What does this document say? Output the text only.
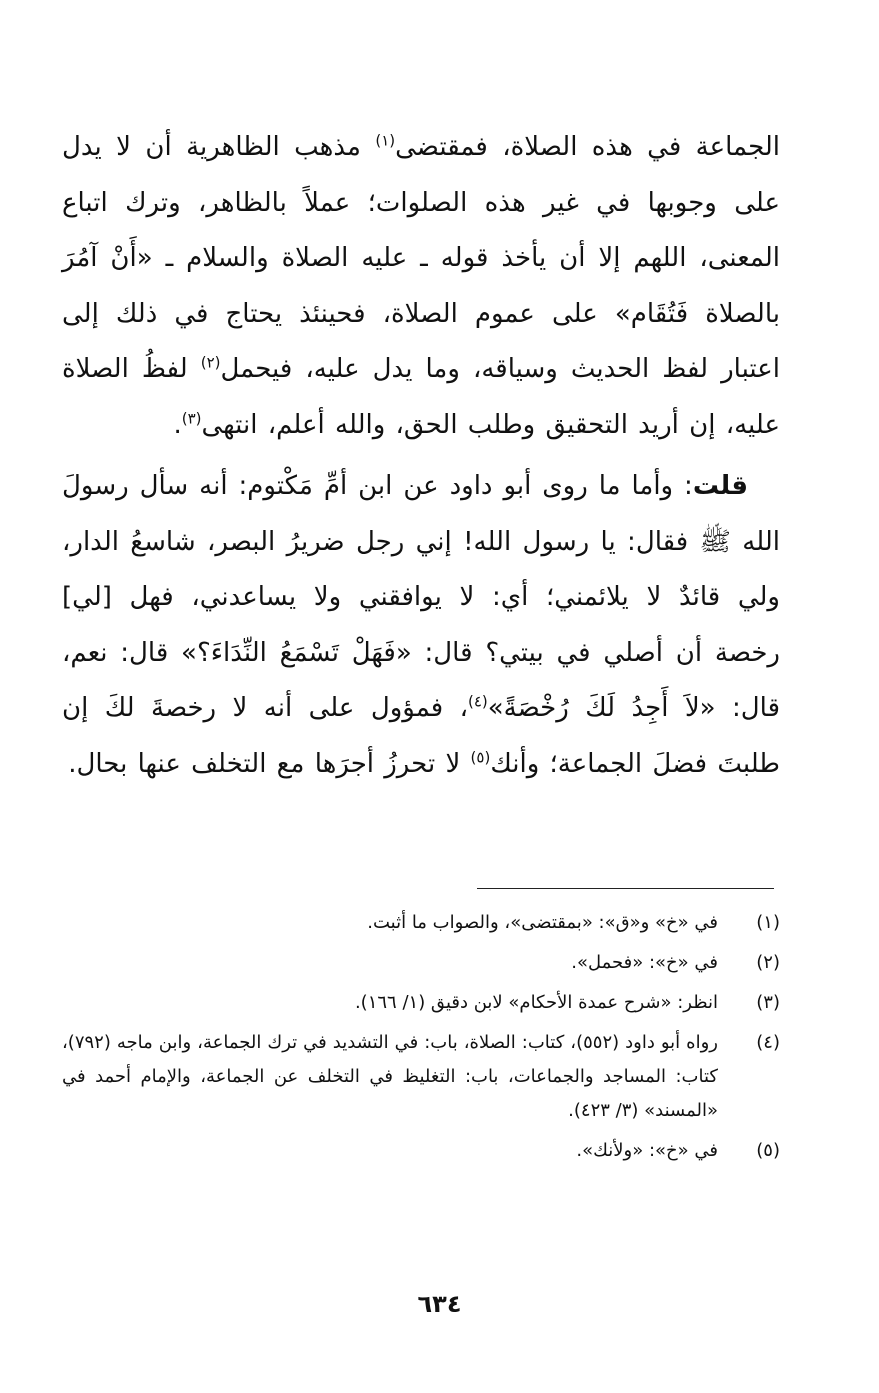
الجماعة في هذه الصلاة، فمقتضى$^{(١)}$ مذهب الظاهرية أن لا يدل على وجوبها في غير هذه الصلوات؛ عملاً بالظاهر، وترك اتباع المعنى، اللهم إلا أن يأخذ قوله ـ عليه الصلاة والسلام ـ «أَنْ آمُرَ بالصلاة فَتُقَام» على عموم الصلاة، فحينئذ يحتاج في ذلك إلى اعتبار لفظ الحديث وسياقه، وما يدل عليه، فيحمل$^{(٢)}$ لفظُ الصلاة عليه، إن أريد التحقيق وطلب الحق، والله أعلم، انتهى$^{(٣)}$.

قلت: وأما ما روى أبو داود عن ابن أمِّ مَكْتوم: أنه سأل رسولَ الله ﷺ فقال: يا رسول الله! إني رجل ضريرُ البصر، شاسعُ الدار، ولي قائدٌ لا يلائمني؛ أي: لا يوافقني ولا يساعدني، فهل [لي] رخصة أن أصلي في بيتي؟ قال: «فَهَلْ تَسْمَعُ النِّدَاءَ؟» قال: نعم، قال: «لاَ أَجِدُ لَكَ رُخْصَةً»$^{(٤)}$، فمؤول على أنه لا رخصةَ لكَ إن طلبتَ فضلَ الجماعة؛ وأنك$^{(٥)}$ لا تحرزُ أجرَها مع التخلف عنها بحال.

(١)
في «خ» و«ق»: «بمقتضى»، والصواب ما أثبت.
(٢)
في «خ»: «فحمل».
(٣)
انظر: «شرح عمدة الأحكام» لابن دقيق (١/ ١٦٦).
(٤)
رواه أبو داود (٥٥٢)، كتاب: الصلاة، باب: في التشديد في ترك الجماعة، وابن ماجه (٧٩٢)، كتاب: المساجد والجماعات، باب: التغليظ في التخلف عن الجماعة، والإمام أحمد في «المسند» (٣/ ٤٢٣).
(٥)
في «خ»: «ولأنك».
٦٣٤
